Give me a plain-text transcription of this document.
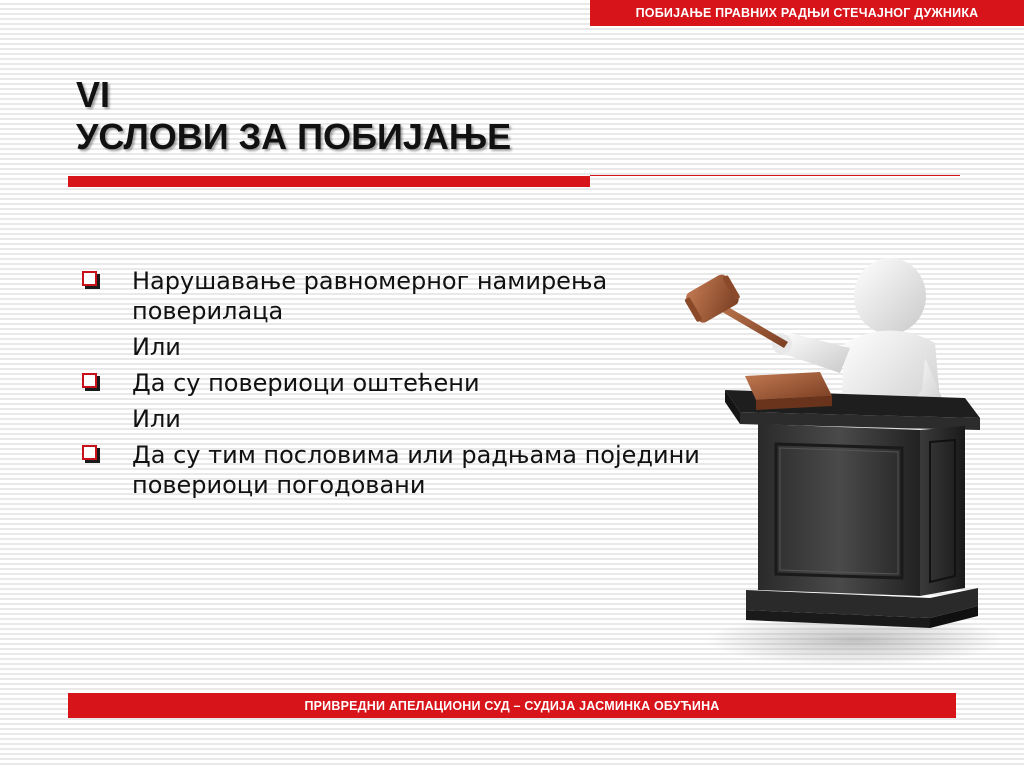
ПОБИЈАЊЕ ПРАВНИХ РАДЊИ СТЕЧАЈНОГ ДУЖНИКА
VI
УСЛОВИ ЗА ПОБИЈАЊЕ
Нарушавање равномерног намирења поверилаца
Или
Да су повериоци оштећени
Или
Да су тим пословима или радњама поједини повериоци погодовани
ПРИВРЕДНИ АПЕЛАЦИОНИ СУД – СУДИЈА ЈАСМИНКА ОБУЋИНА
